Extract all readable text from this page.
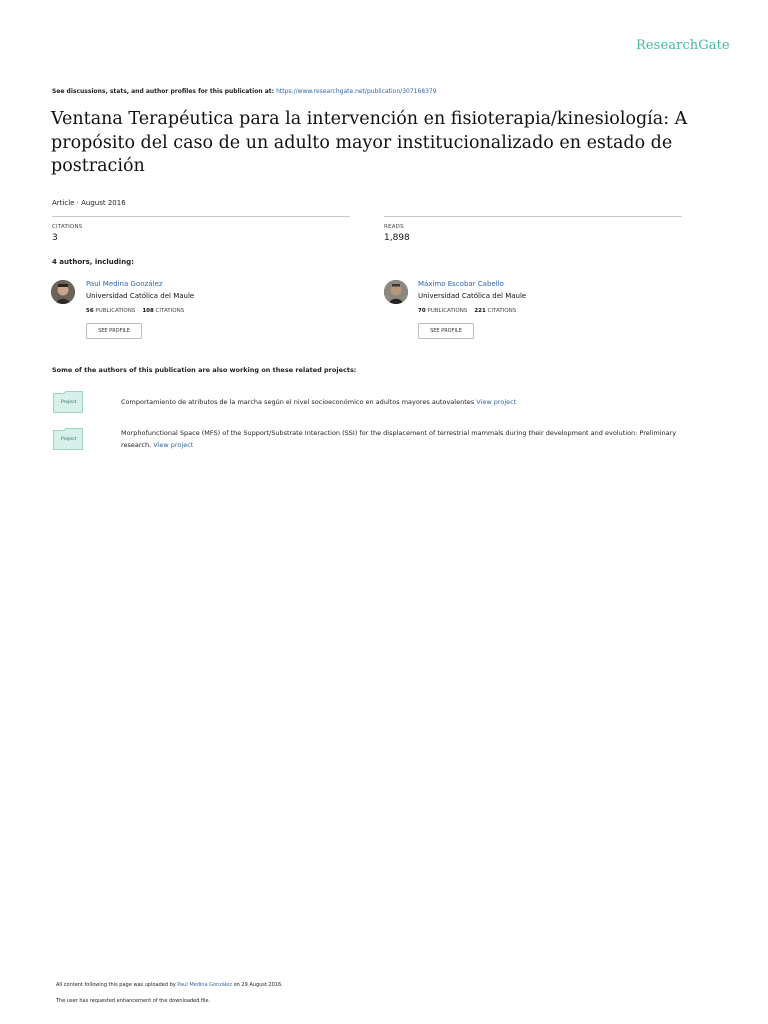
ResearchGate
See discussions, stats, and author profiles for this publication at: https://www.researchgate.net/publication/307168379
Ventana Terapéutica para la intervención en fisioterapia/kinesiología: A propósito del caso de un adulto mayor institucionalizado en estado de postración
Article · August 2016
CITATIONS
3
READS
1,898
4 authors, including:
Paul Medina González
Universidad Católica del Maule
56 PUBLICATIONS 108 CITATIONS
SEE PROFILE
Máximo Escobar Cabello
Universidad Católica del Maule
70 PUBLICATIONS 221 CITATIONS
SEE PROFILE
Some of the authors of this publication are also working on these related projects:
Project	Comportamiento de atributos de la marcha según el nivel socioeconómico en adultos mayores autovalentes View project
Project
Morphofunctional Space (MFS) of the Support/Substrate Interaction (SSI) for the displacement of terrestrial mammals during their development and evolution: Preliminary research. View project
All content following this page was uploaded by Paul Medina González on 29 August 2016.
The user has requested enhancement of the downloaded file.
